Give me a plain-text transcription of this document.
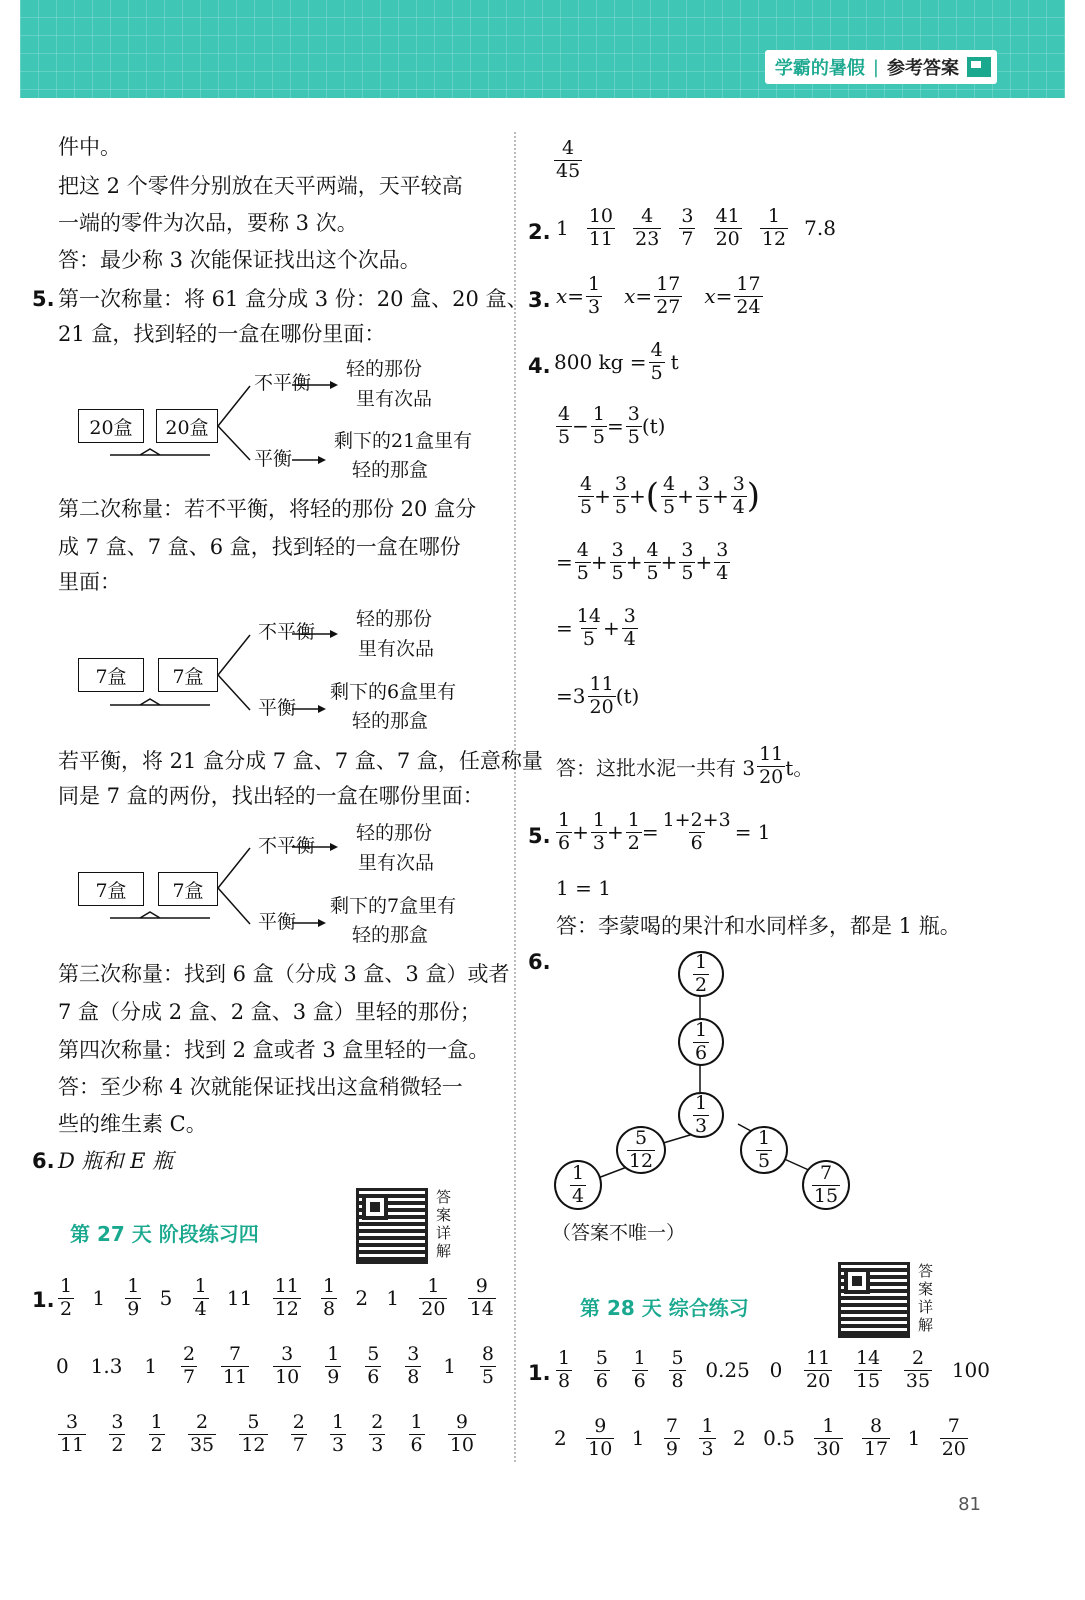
学霸的暑假 | 参考答案
件中。
把这 2 个零件分别放在天平两端，天平较高
一端的零件为次品，要称 3 次。
答：最少称 3 次能保证找出这个次品。
5. 第一次称量：将 61 盒分成 3 份：20 盒、20 盒、
21 盒，找到轻的一盒在哪份里面：
20盒	20盒
不平衡
轻的那份
里有次品
平衡
剩下的21盒里有
轻的那盒
第二次称量：若不平衡，将轻的那份 20 盒分
成 7 盒、7 盒、6 盒，找到轻的一盒在哪份
里面：
7盒	7盒
不平衡
轻的那份
里有次品
平衡
剩下的6盒里有
轻的那盒
若平衡，将 21 盒分成 7 盒、7 盒、7 盒，任意称量
同是 7 盒的两份，找出轻的一盒在哪份里面：
7盒	7盒
不平衡
轻的那份
里有次品
平衡
剩下的7盒里有
轻的那盒
第三次称量：找到 6 盒（分成 3 盒、3 盒）或者
7 盒（分成 2 盒、2 盒、3 盒）里轻的那份；
第四次称量：找到 2 盒或者 3 盒里轻的一盒。
答：至少称 4 次就能保证找出这盒稍微轻一
些的维生素 C。
6. D 瓶和 E 瓶
第 27 天 阶段练习四
答
案
详
解
1. $\frac{1}{2} 1 \frac{1}{9} 5 \frac{1}{4} 11 \frac{11}{12} \frac{1}{8} 2$ $1 \frac{1}{20} \frac{9}{14}$
0 1.3 $1 \frac{2}{7} \frac{7}{11} \frac{3}{10} \frac{1}{9} \frac{5}{6} \frac{3}{8} 1 \frac{8}{5}$
$\frac{3}{11} \frac{3}{2} \frac{1}{2} \frac{2}{35} \frac{5}{12} \frac{2}{7} \frac{1}{3} \frac{2}{3} \frac{1}{6} \frac{9}{10}$
$\frac{4}{45}$
2. $1 \frac{10}{11} \frac{4}{23} \frac{3}{7} \frac{41}{20} \frac{1}{12} 7.8$
3. $x = \frac{1}{3}$ $x = \frac{17}{27}$ $x = \frac{17}{24}$
4. 800 kg = $\frac{4}{5}$ t
$\frac{4}{5} - \frac{1}{5} = \frac{3}{5} (t)$
$\frac{4}{5} + \frac{3}{5}$ + ( $\frac{4}{5} + \frac{3}{5} + \frac{3}{4}$ )
= $\frac{4}{5} + \frac{3}{5} + \frac{4}{5} + \frac{3}{5} + \frac{3}{4}$
= $\frac{14}{5} + \frac{3}{4}$
= $3 \frac{11}{20} (t)$
答：这批水泥一共有 $3 \frac{11}{20}$ t。
5. $\frac{1}{6} + \frac{1}{3} + \frac{1}{2} = \frac{1+2+3}{6} = 1$
1 = 1
答：李蒙喝的果汁和水同样多，都是 1 瓶。
6.	$\frac{1}{2}$
$\frac{1}{6}$
$\frac{1}{3}$
$\frac{5}{12}$	$\frac{1}{5}$
$\frac{1}{4}$	$\frac{7}{15}$
（答案不唯一）
第 28 天 综合练习
答
案
详
解
1. $\frac{1}{8} \frac{5}{6} \frac{1}{6} \frac{5}{8} 0.25$ $0 \frac{11}{20} \frac{14}{15} \frac{2}{35} 100$
$2 \frac{9}{10} 1 \frac{7}{9} \frac{1}{3} 2$ $0.5 \frac{1}{30} \frac{8}{17} 1 \frac{7}{20}$
81
